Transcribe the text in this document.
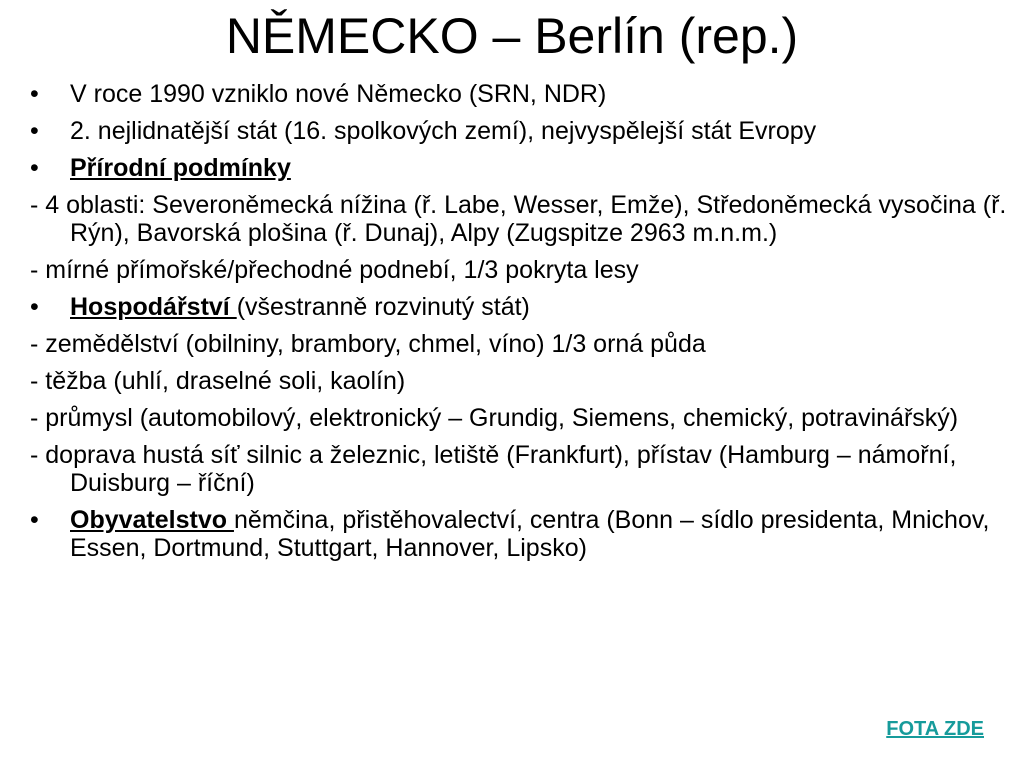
NĚMECKO – Berlín (rep.)
•	V roce 1990 vzniklo nové Německo (SRN, NDR)
•	2. nejlidnatější stát (16. spolkových zemí), nejvyspělejší stát Evropy
•	Přírodní podmínky
- 4 oblasti: Severoněmecká nížina (ř. Labe, Wesser, Emže), Středoněmecká vysočina (ř. Rýn), Bavorská plošina (ř. Dunaj), Alpy (Zugspitze 2963 m.n.m.)
- mírné přímořské/přechodné podnebí, 1/3 pokryta lesy
•	Hospodářství (všestranně rozvinutý stát)
- zemědělství (obilniny, brambory, chmel, víno) 1/3 orná půda
- těžba (uhlí, draselné soli, kaolín)
- průmysl (automobilový, elektronický – Grundig, Siemens, chemický, potravinářský)
- doprava hustá síť silnic a železnic, letiště (Frankfurt), přístav (Hamburg – námořní, Duisburg – říční)
•	Obyvatelstvo němčina, přistěhovalectví, centra (Bonn – sídlo presidenta, Mnichov, Essen, Dortmund, Stuttgart, Hannover, Lipsko)
FOTA ZDE
